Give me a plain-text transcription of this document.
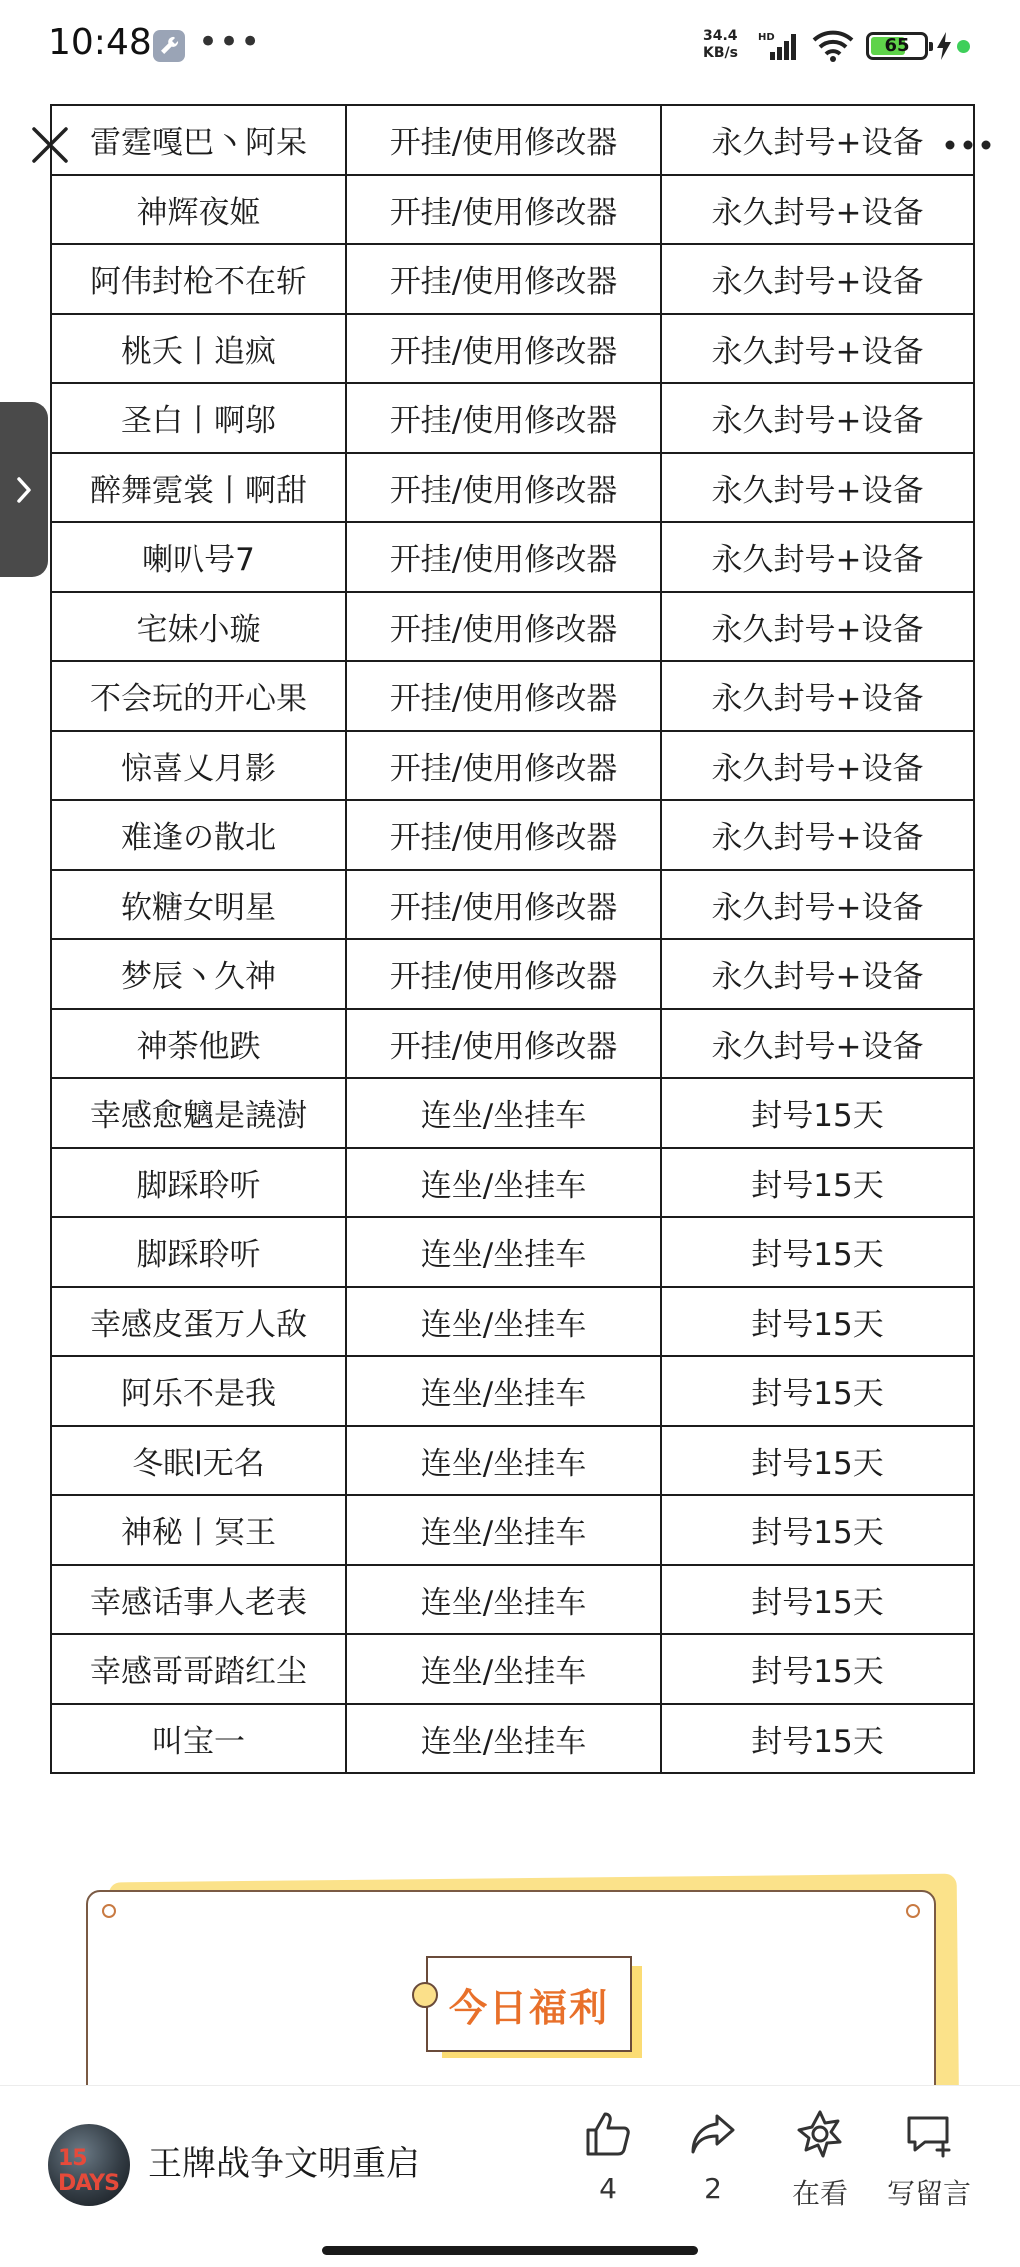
10:48 •••	34.4
KB/s
HD	65
雷霆嘎巴丶阿呆	开挂/使用修改器	永久封号+设备
神辉夜姬	开挂/使用修改器	永久封号+设备
阿伟封枪不在斩	开挂/使用修改器	永久封号+设备
桃夭丨追疯	开挂/使用修改器	永久封号+设备
圣白丨啊邬	开挂/使用修改器	永久封号+设备
醉舞霓裳丨啊甜	开挂/使用修改器	永久封号+设备
喇叭号7	开挂/使用修改器	永久封号+设备
宅妹小璇	开挂/使用修改器	永久封号+设备
不会玩的开心果	开挂/使用修改器	永久封号+设备
惊喜乂月影	开挂/使用修改器	永久封号+设备
难逢の散北	开挂/使用修改器	永久封号+设备
软糖女明星	开挂/使用修改器	永久封号+设备
梦辰丶久神	开挂/使用修改器	永久封号+设备
神荼他跌	开挂/使用修改器	永久封号+设备
幸感愈魑是譊澍	连坐/坐挂车	封号15天
脚踩聆听	连坐/坐挂车	封号15天
脚踩聆听	连坐/坐挂车	封号15天
幸感皮蛋万人敌	连坐/坐挂车	封号15天
阿乐不是我	连坐/坐挂车	封号15天
冬眠l无名	连坐/坐挂车	封号15天
神秘丨冥王	连坐/坐挂车	封号15天
幸感话事人老表	连坐/坐挂车	封号15天
幸感哥哥踏红尘	连坐/坐挂车	封号15天
叫宝一	连坐/坐挂车	封号15天
今日福利
15 DAYS 王牌战争文明重启
4	2	在看	写留言
